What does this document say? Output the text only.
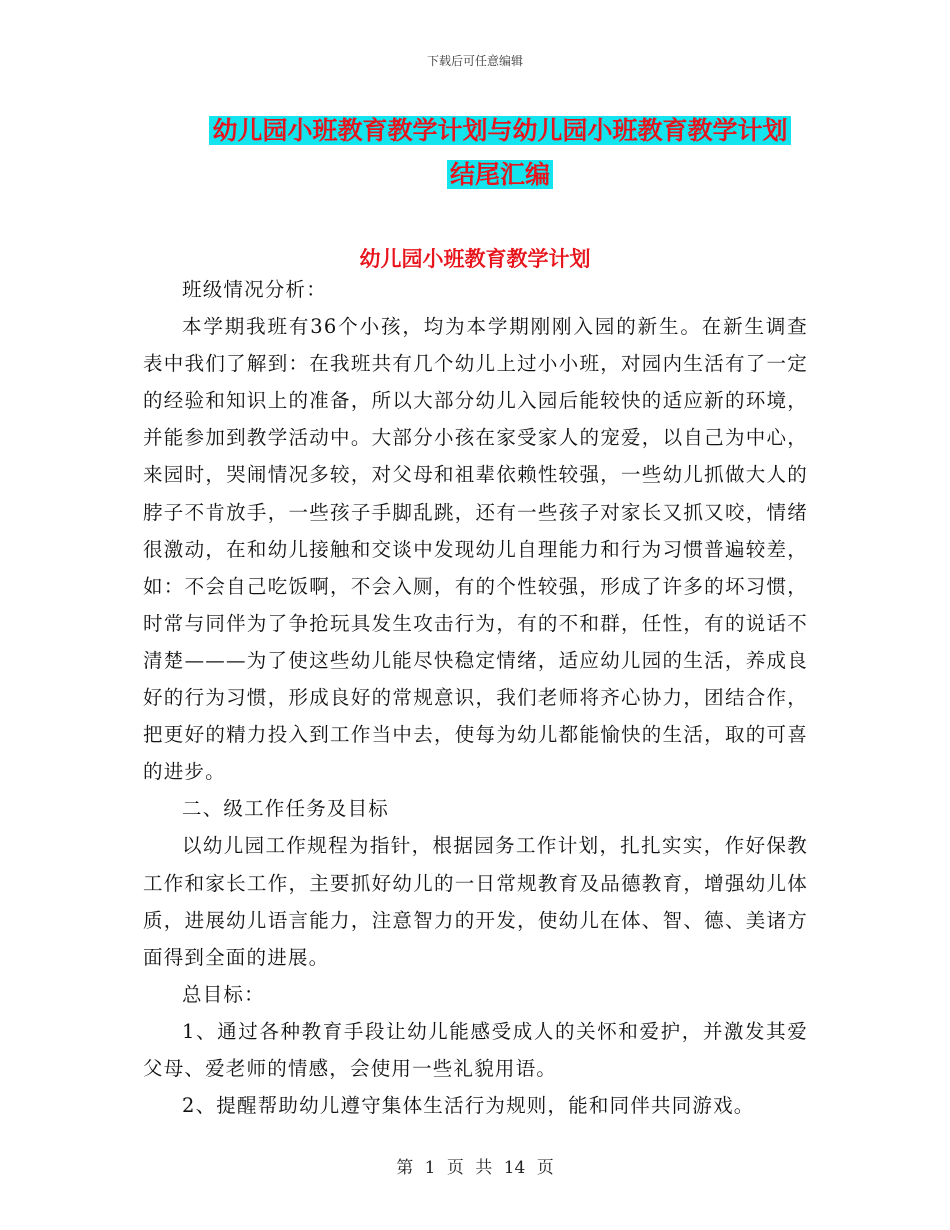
下载后可任意编辑
幼儿园小班教育教学计划与幼儿园小班教育教学计划
结尾汇编
幼儿园小班教育教学计划

班级情况分析：

本学期我班有36个小孩，均为本学期刚刚入园的新生。在新生调查表中我们了解到：在我班共有几个幼儿上过小小班，对园内生活有了一定的经验和知识上的准备，所以大部分幼儿入园后能较快的适应新的环境，并能参加到教学活动中。大部分小孩在家受家人的宠爱，以自己为中心，来园时，哭闹情况多较，对父母和祖辈依赖性较强，一些幼儿抓做大人的脖子不肯放手，一些孩子手脚乱跳，还有一些孩子对家长又抓又咬，情绪很激动，在和幼儿接触和交谈中发现幼儿自理能力和行为习惯普遍较差，如：不会自己吃饭啊，不会入厕，有的个性较强，形成了许多的坏习惯，时常与同伴为了争抢玩具发生攻击行为，有的不和群，任性，有的说话不清楚———为了使这些幼儿能尽快稳定情绪，适应幼儿园的生活，养成良好的行为习惯，形成良好的常规意识，我们老师将齐心协力，团结合作，把更好的精力投入到工作当中去，使每为幼儿都能愉快的生活，取的可喜的进步。

二、级工作任务及目标

以幼儿园工作规程为指针，根据园务工作计划，扎扎实实，作好保教工作和家长工作，主要抓好幼儿的一日常规教育及品德教育，增强幼儿体质，进展幼儿语言能力，注意智力的开发，使幼儿在体、智、德、美诸方面得到全面的进展。

总目标：

1、通过各种教育手段让幼儿能感受成人的关怀和爱护，并激发其爱父母、爱老师的情感，会使用一些礼貌用语。

2、提醒帮助幼儿遵守集体生活行为规则，能和同伴共同游戏。

第 1 页 共 14 页
